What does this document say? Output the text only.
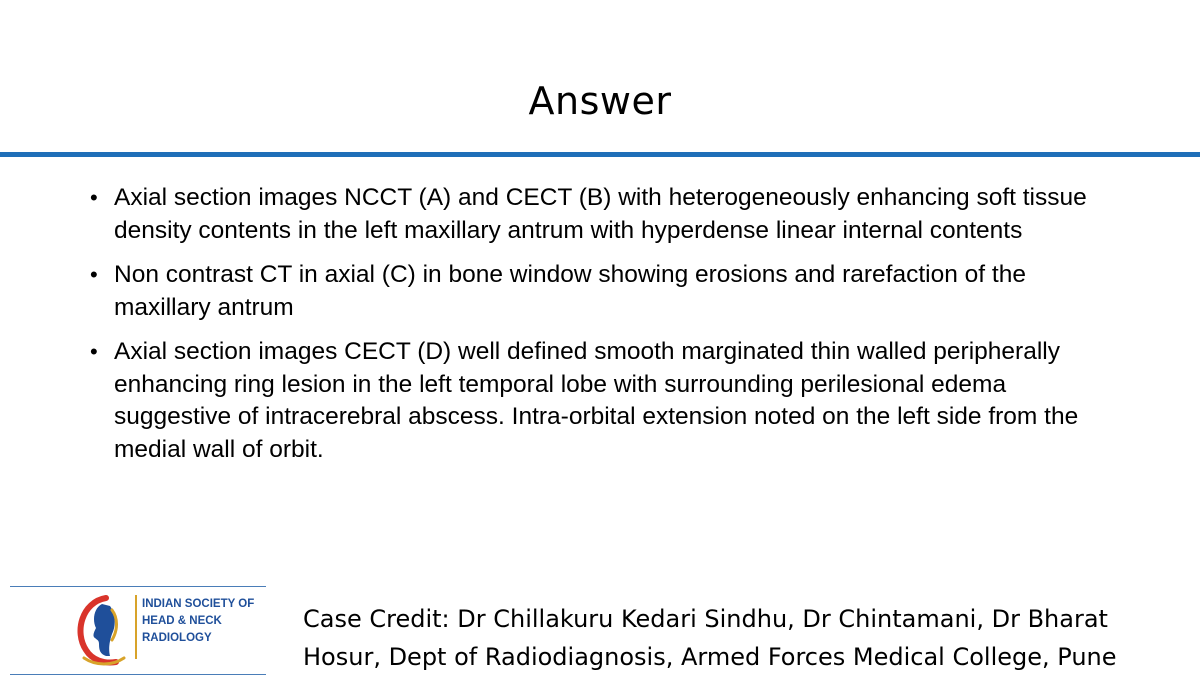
Answer
• Axial section images NCCT (A) and CECT (B) with heterogeneously enhancing soft tissue density contents in the left maxillary antrum with hyperdense linear internal contents
• Non contrast CT in axial (C) in bone window showing erosions and rarefaction of the maxillary antrum
• Axial section images CECT (D) well defined smooth marginated thin walled peripherally enhancing ring lesion in the left temporal lobe with surrounding perilesional edema suggestive of intracerebral abscess. Intra-orbital extension noted on the left side from the medial wall of orbit.
INDIAN SOCIETY OF
HEAD & NECK
RADIOLOGY
Case Credit: Dr Chillakuru Kedari Sindhu, Dr Chintamani, Dr Bharat
Hosur, Dept of Radiodiagnosis, Armed Forces Medical College, Pune
